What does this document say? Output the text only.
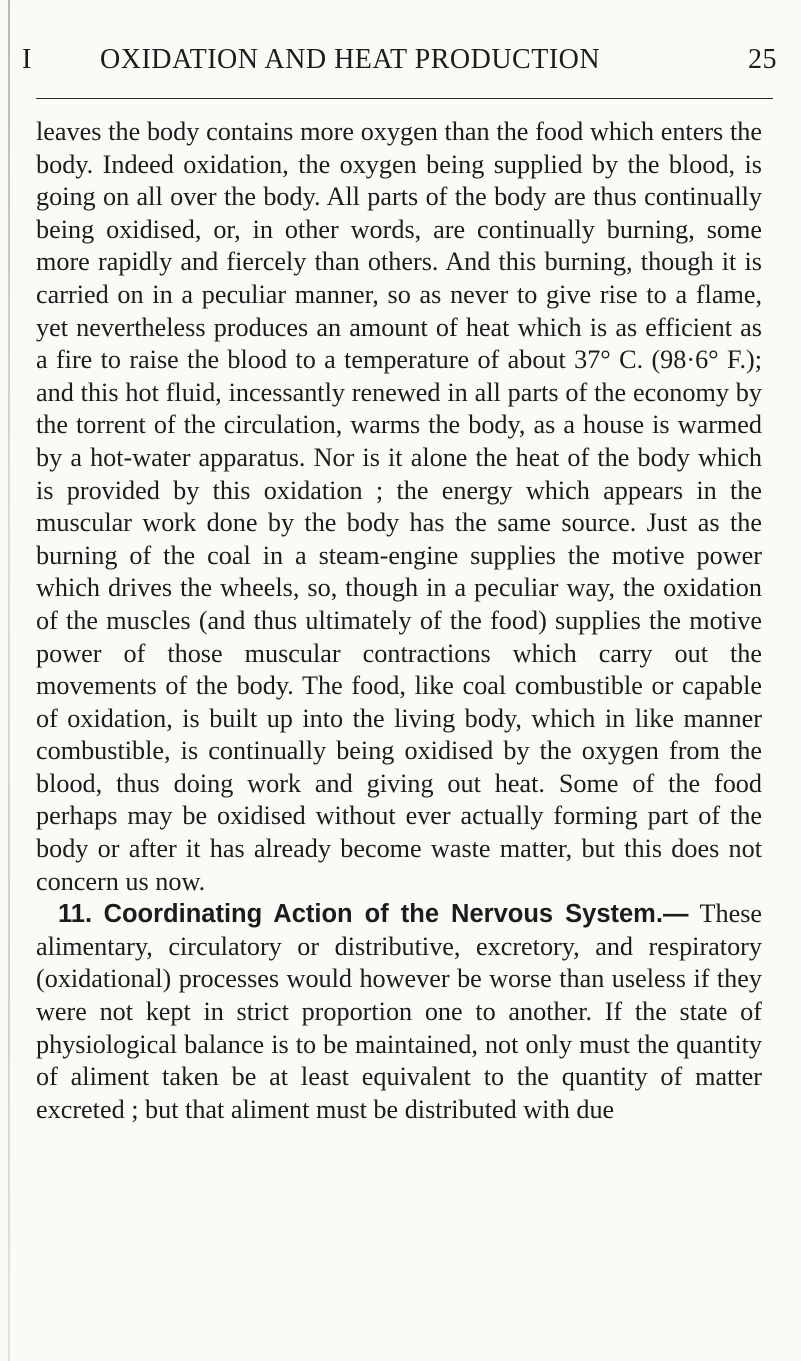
I OXIDATION AND HEAT PRODUCTION	25

leaves the body contains more oxygen than the food which enters the body. Indeed oxidation, the oxygen being supplied by the blood, is going on all over the body. All parts of the body are thus continually being oxidised, or, in other words, are continually burning, some more rapidly and fiercely than others. And this burning, though it is carried on in a peculiar manner, so as never to give rise to a flame, yet nevertheless produces an amount of heat which is as efficient as a fire to raise the blood to a temperature of about 37° C. (98·6° F.); and this hot fluid, incessantly renewed in all parts of the economy by the torrent of the circulation, warms the body, as a house is warmed by a hot-water apparatus. Nor is it alone the heat of the body which is provided by this oxidation ; the energy which appears in the muscular work done by the body has the same source. Just as the burning of the coal in a steam-engine supplies the motive power which drives the wheels, so, though in a peculiar way, the oxidation of the muscles (and thus ultimately of the food) supplies the motive power of those muscular contractions which carry out the movements of the body. The food, like coal combustible or capable of oxidation, is built up into the living body, which in like manner combustible, is continually being oxidised by the oxygen from the blood, thus doing work and giving out heat. Some of the food perhaps may be oxidised without ever actually forming part of the body or after it has already become waste matter, but this does not concern us now.

11. Coordinating Action of the Nervous System.— These alimentary, circulatory or distributive, excretory, and respiratory (oxidational) processes would however be worse than useless if they were not kept in strict proportion one to another. If the state of physiological balance is to be maintained, not only must the quantity of aliment taken be at least equivalent to the quantity of matter excreted ; but that aliment must be distributed with due
